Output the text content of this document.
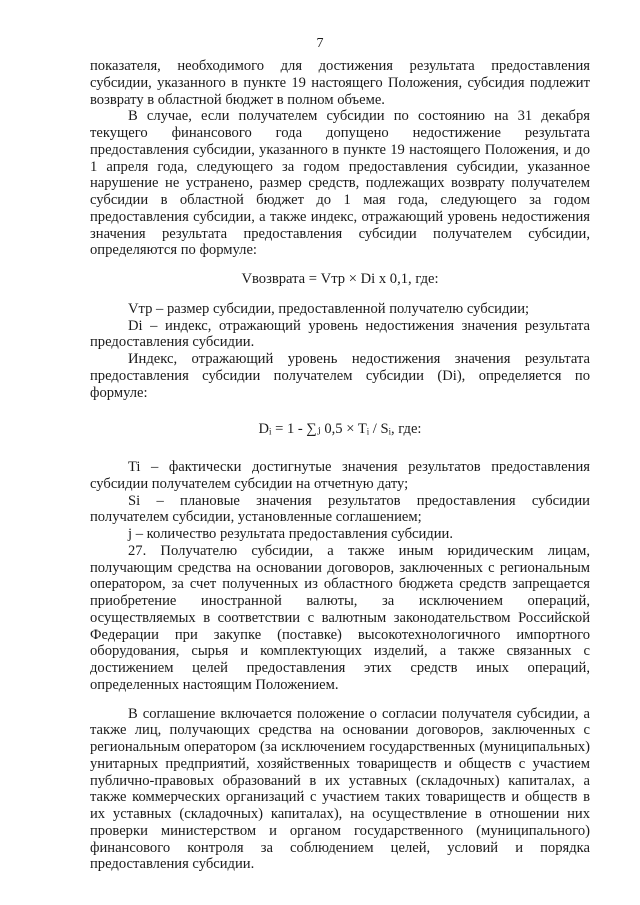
7

показателя, необходимого для достижения результата предоставления субсидии, указанного в пункте 19 настоящего Положения, субсидия подлежит возврату в областной бюджет в полном объеме.

В случае, если получателем субсидии по состоянию на 31 декабря текущего финансового года допущено недостижение результата предоставления субсидии, указанного в пункте 19 настоящего Положения, и до 1 апреля года, следующего за годом предоставления субсидии, указанное нарушение не устранено, размер средств, подлежащих возврату получателем субсидии в областной бюджет до 1 мая года, следующего за годом предоставления субсидии, а также индекс, отражающий уровень недостижения значения результата предоставления субсидии получателем субсидии, определяются по формуле:

Vвозврата = Vтр × Di x 0,1, где:

Vтр – размер субсидии, предоставленной получателю субсидии;

Di – индекс, отражающий уровень недостижения значения результата предоставления субсидии.

Индекс, отражающий уровень недостижения значения результата предоставления субсидии получателем субсидии (Di), определяется по формуле:

Dᵢ = 1 - ∑ⱼ 0,5 × Tᵢ / Sᵢ, где:

Ti – фактически достигнутые значения результатов предоставления субсидии получателем субсидии на отчетную дату;

Si – плановые значения результатов предоставления субсидии получателем субсидии, установленные соглашением;

j – количество результата предоставления субсидии.

27. Получателю субсидии, а также иным юридическим лицам, получающим средства на основании договоров, заключенных с региональным оператором, за счет полученных из областного бюджета средств запрещается приобретение иностранной валюты, за исключением операций, осуществляемых в соответствии с валютным законодательством Российской Федерации при закупке (поставке) высокотехнологичного импортного оборудования, сырья и комплектующих изделий, а также связанных с достижением целей предоставления этих средств иных операций, определенных настоящим Положением.

В соглашение включается положение о согласии получателя субсидии, а также лиц, получающих средства на основании договоров, заключенных с региональным оператором (за исключением государственных (муниципальных) унитарных предприятий, хозяйственных товариществ и обществ с участием публично-правовых образований в их уставных (складочных) капиталах, а также коммерческих организаций с участием таких товариществ и обществ в их уставных (складочных) капиталах), на осуществление в отношении них проверки министерством и органом государственного (муниципального) финансового контроля за соблюдением целей, условий и порядка предоставления субсидии.
